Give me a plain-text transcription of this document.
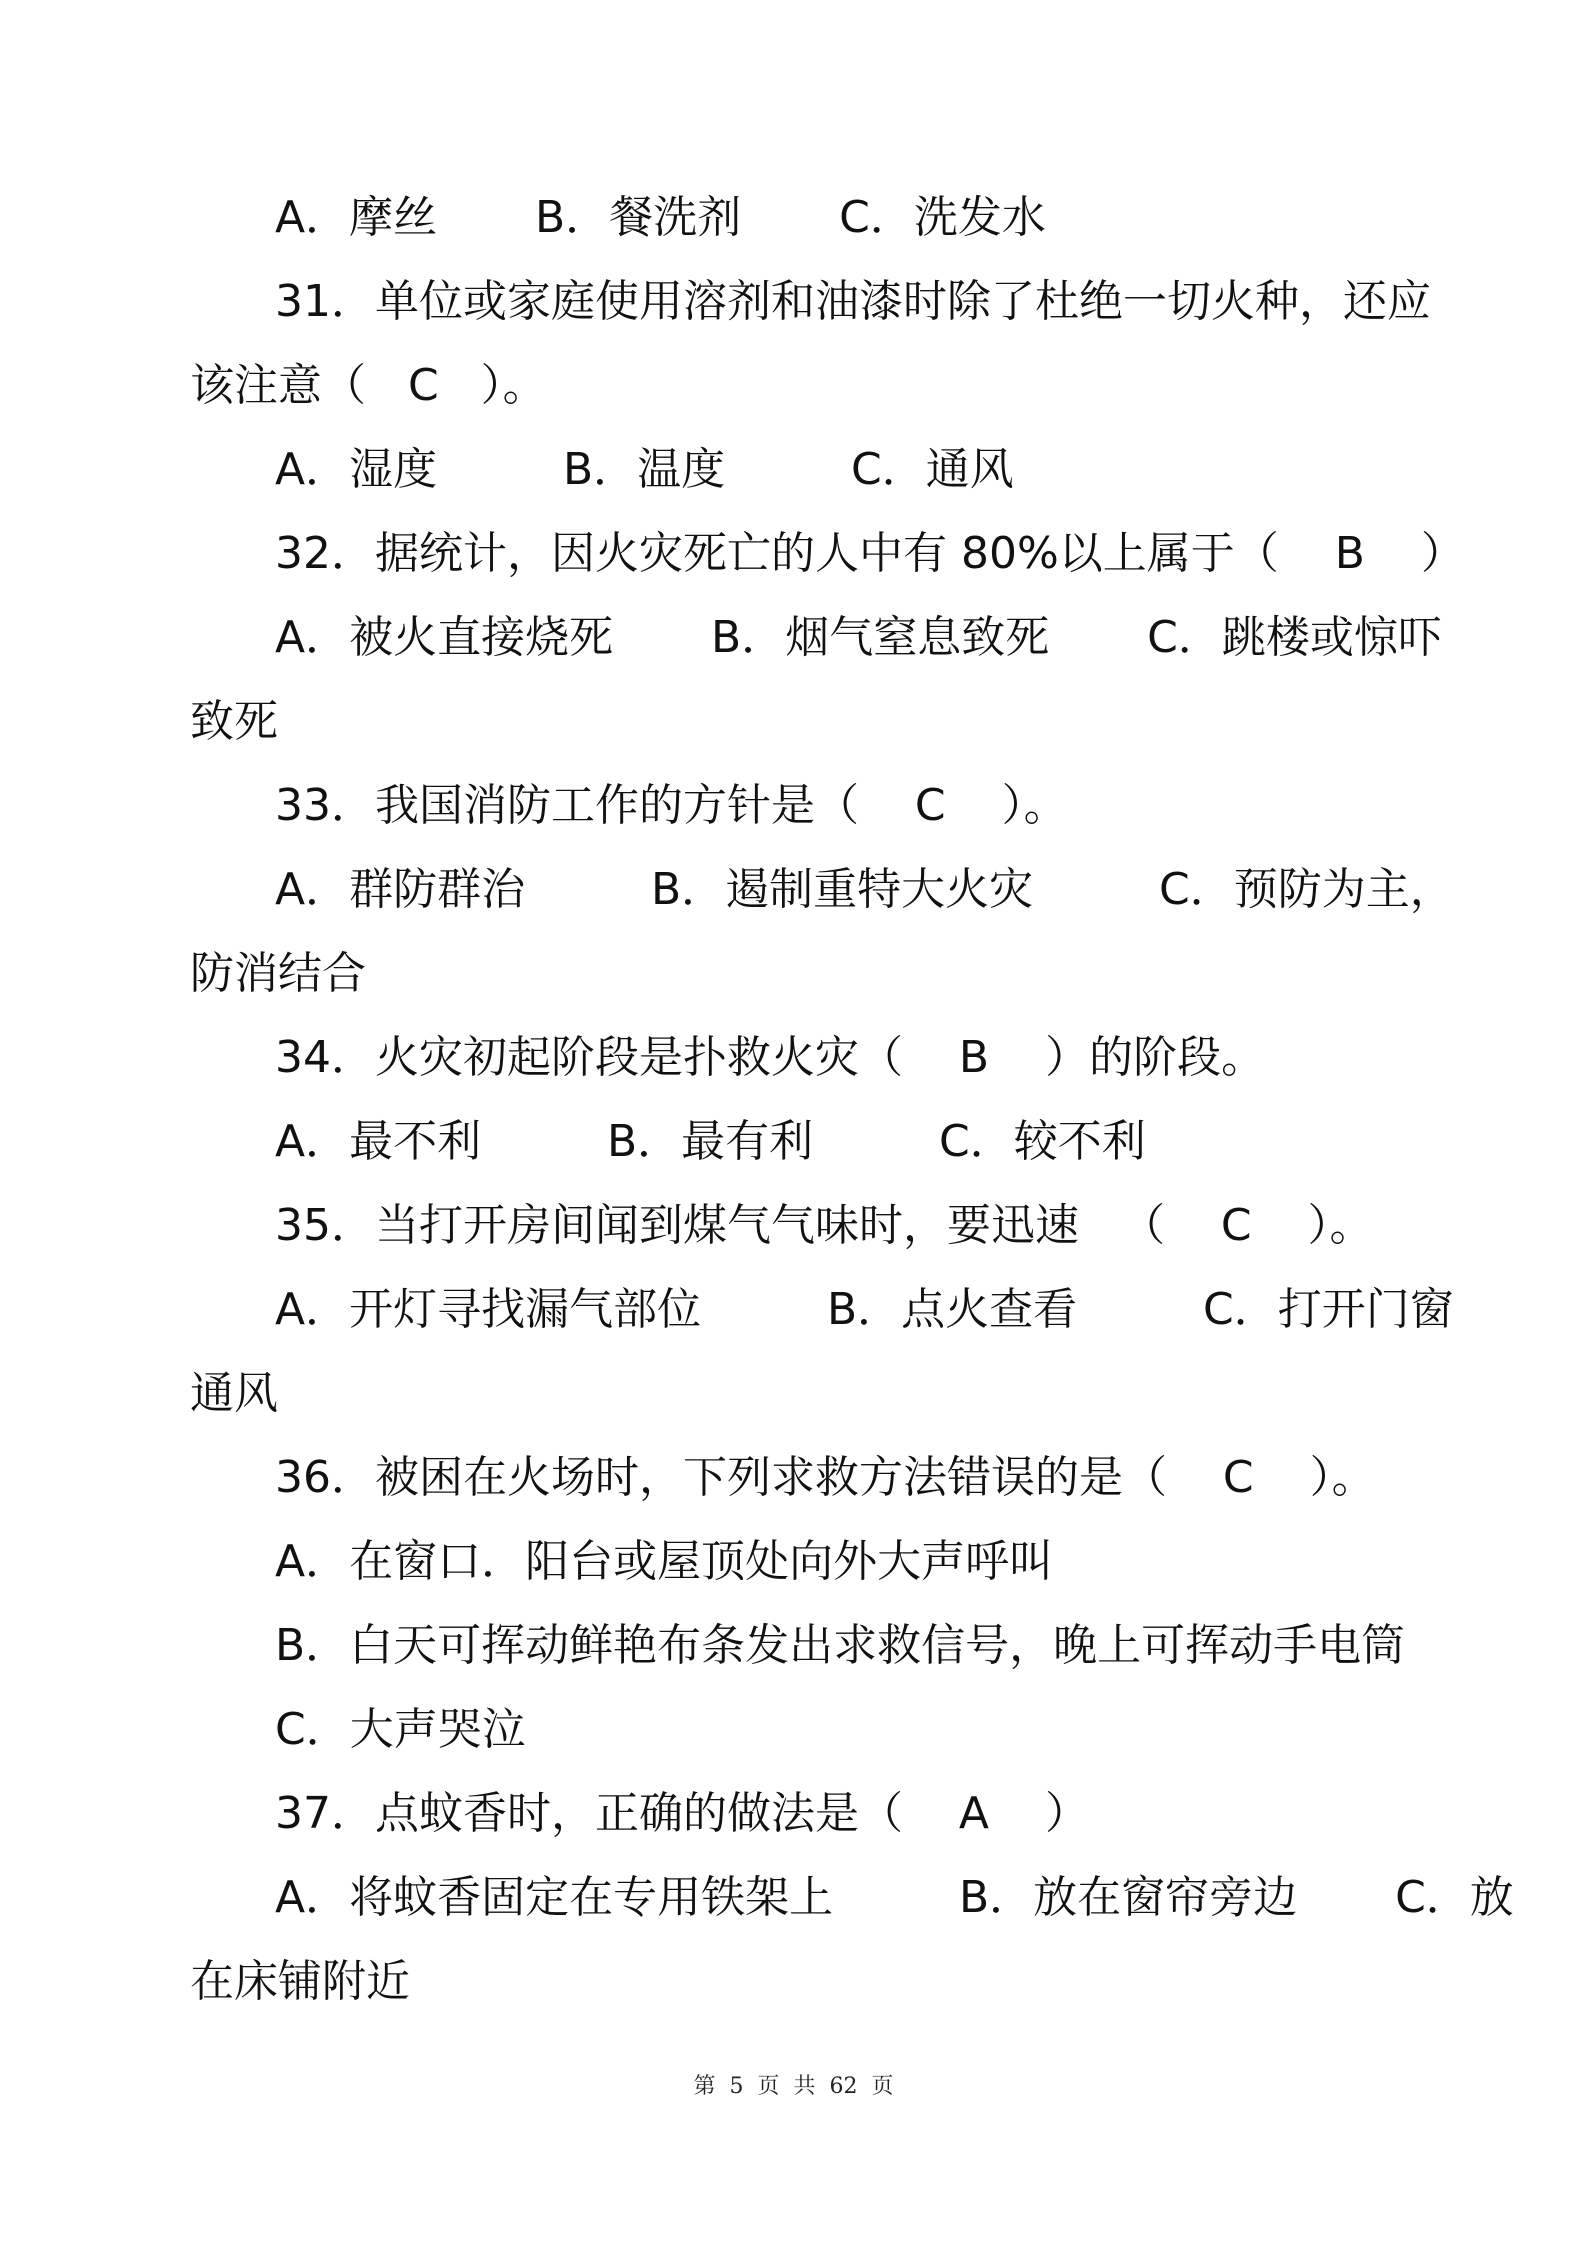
A．摩丝       B．餐洗剂       C．洗发水
31．单位或家庭使用溶剂和油漆时除了杜绝一切火种，还应
该注意（   C   ）。
A．湿度         B．温度         C．通风
32．据统计，因火灾死亡的人中有 80%以上属于（    B    ）
A．被火直接烧死       B．烟气窒息致死       C．跳楼或惊吓
致死
33．我国消防工作的方针是（    C    ）。
A．群防群治         B．遏制重特大火灾         C．预防为主，
防消结合
34．火灾初起阶段是扑救火灾（    B    ）的阶段。
A．最不利         B．最有利         C．较不利
35．当打开房间闻到煤气气味时，要迅速   （    C    ）。
A．开灯寻找漏气部位         B．点火查看         C．打开门窗
通风
36．被困在火场时，下列求救方法错误的是（    C    ）。
A．在窗口．阳台或屋顶处向外大声呼叫
B．白天可挥动鲜艳布条发出求救信号，晚上可挥动手电筒
C．大声哭泣
37．点蚊香时，正确的做法是（    A    ）
A．将蚊香固定在专用铁架上         B．放在窗帘旁边       C．放
在床铺附近
第  5  页  共  62  页
